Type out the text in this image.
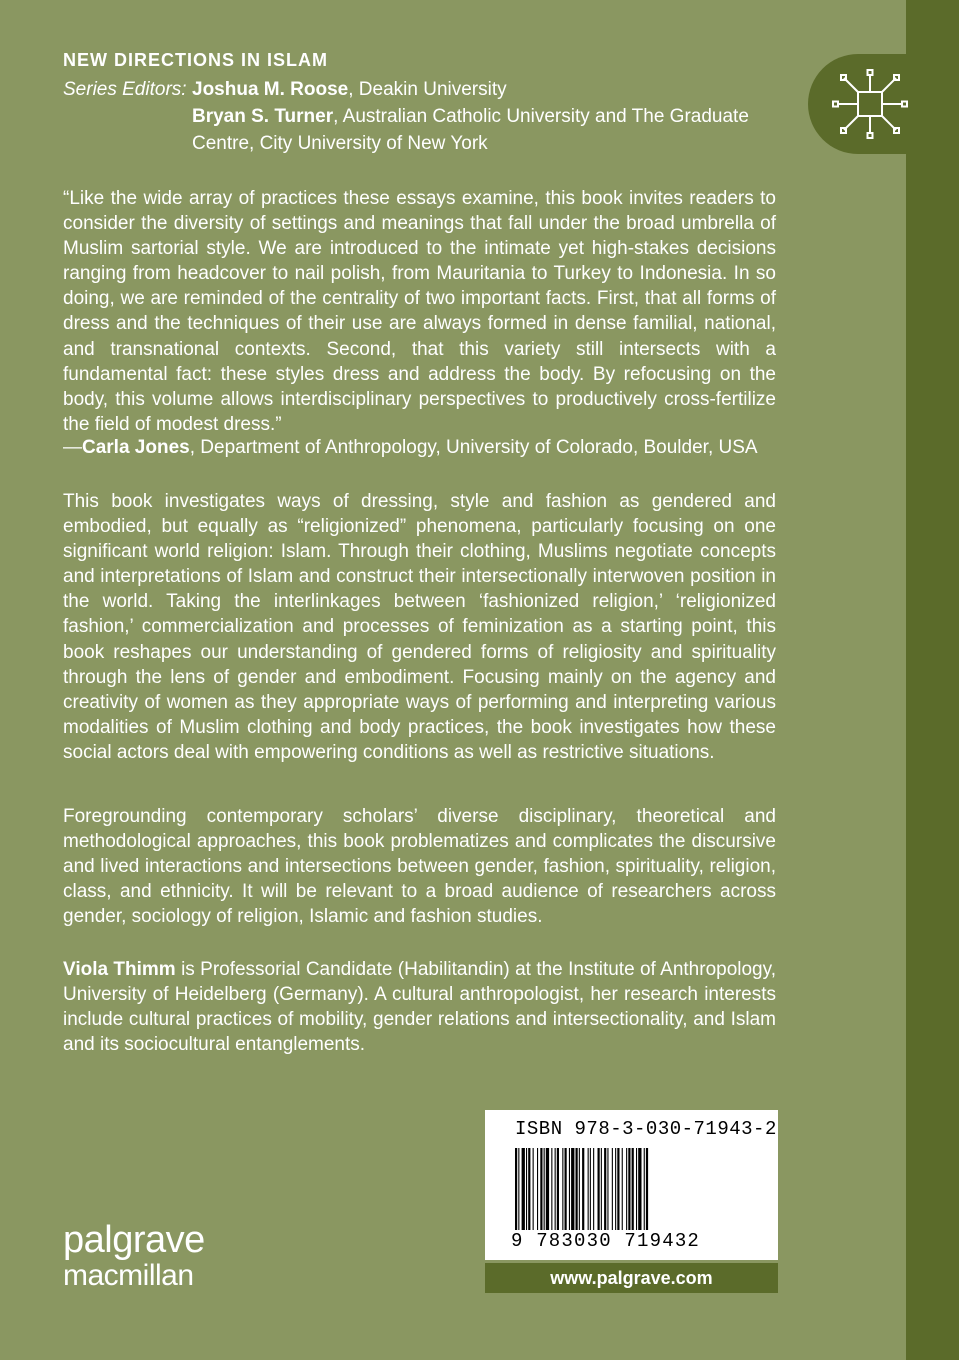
NEW DIRECTIONS IN ISLAM
Series Editors: Joshua M. Roose, Deakin University
Bryan S. Turner, Australian Catholic University and The Graduate
Centre, City University of New York

“Like the wide array of practices these essays examine, this book invites readers to consider the diversity of settings and meanings that fall under the broad umbrella of Muslim sartorial style. We are introduced to the intimate yet high-stakes decisions ranging from headcover to nail polish, from Mauritania to Turkey to Indonesia. In so doing, we are reminded of the centrality of two important facts. First, that all forms of dress and the techniques of their use are always formed in dense familial, national, and transnational contexts. Second, that this variety still intersects with a fundamental fact: these styles dress and address the body. By refocusing on the body, this volume allows interdisciplinary perspectives to productively cross-fertilize the field of modest dress.”

—Carla Jones, Department of Anthropology, University of Colorado, Boulder, USA

This book investigates ways of dressing, style and fashion as gendered and embodied, but equally as “religionized” phenomena, particularly focusing on one significant world religion: Islam. Through their clothing, Muslims negotiate concepts and interpretations of Islam and construct their intersectionally interwoven position in the world. Taking the interlinkages between ‘fashionized religion,’ ‘religionized fashion,’ commercialization and processes of feminization as a starting point, this book reshapes our understanding of gendered forms of religiosity and spirituality through the lens of gender and embodiment. Focusing mainly on the agency and creativity of women as they appropriate ways of performing and interpreting various modalities of Muslim clothing and body practices, the book investigates how these social actors deal with empowering conditions as well as restrictive situations.

Foregrounding contemporary scholars’ diverse disciplinary, theoretical and methodological approaches, this book problematizes and complicates the discursive and lived interactions and intersections between gender, fashion, spirituality, religion, class, and ethnicity. It will be relevant to a broad audience of researchers across gender, sociology of religion, Islamic and fashion studies.

Viola Thimm is Professorial Candidate (Habilitandin) at the Institute of Anthropology, University of Heidelberg (Germany). A cultural anthropologist, her research interests include cultural practices of mobility, gender relations and intersectionality, and Islam and its sociocultural entanglements.

ISBN 978-3-030-71943-2
9 783030 719432
www.palgrave.com
palgrave
macmillan
